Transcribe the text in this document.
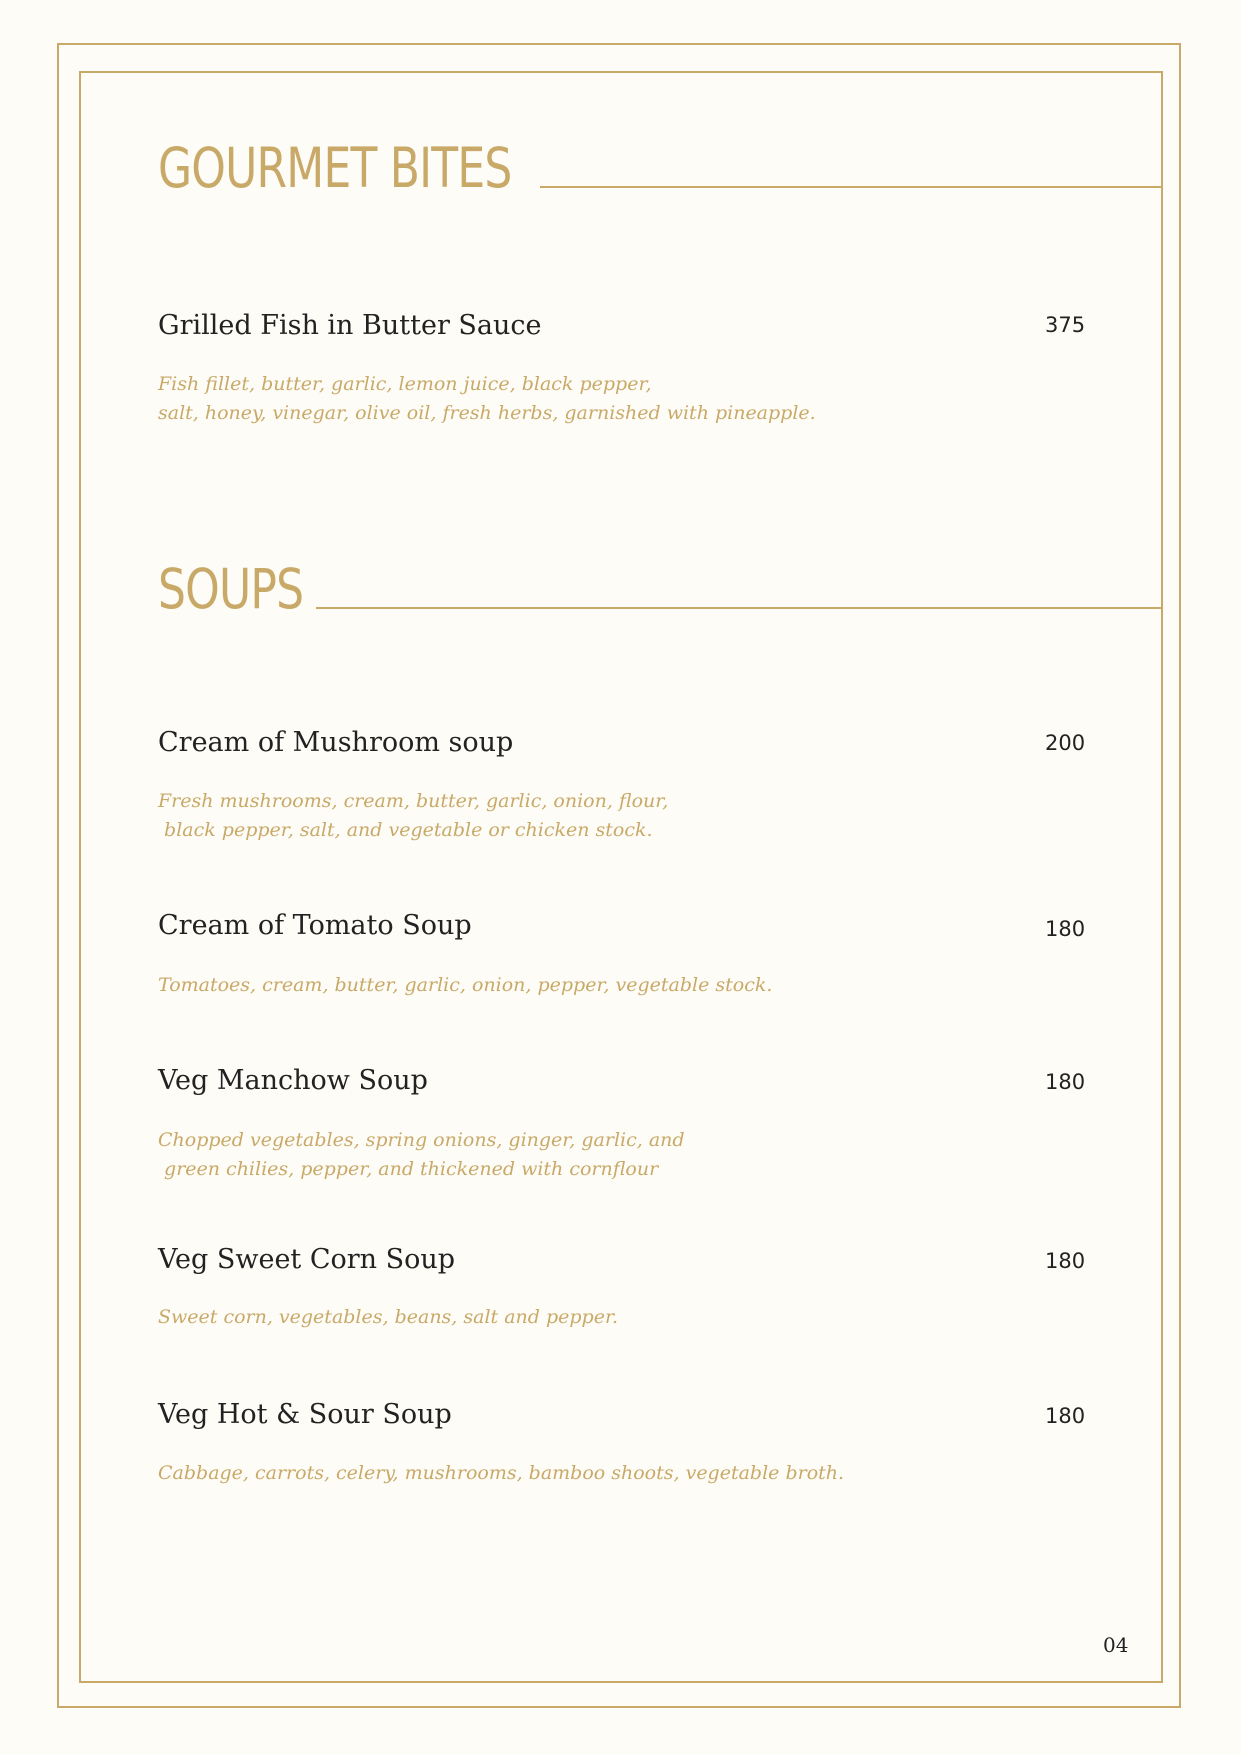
GOURMET BITES
Grilled Fish in Butter Sauce	375
Fish fillet, butter, garlic, lemon juice, black pepper,
salt, honey, vinegar, olive oil, fresh herbs, garnished with pineapple.
SOUPS
Cream of Mushroom soup	200
Fresh mushrooms, cream, butter, garlic, onion, flour,
black pepper, salt, and vegetable or chicken stock.
Cream of Tomato Soup	180
Tomatoes, cream, butter, garlic, onion, pepper, vegetable stock.
Veg Manchow Soup	180
Chopped vegetables, spring onions, ginger, garlic, and
green chilies, pepper, and thickened with cornflour
Veg Sweet Corn Soup	180
Sweet corn, vegetables, beans, salt and pepper.
Veg Hot & Sour Soup	180
Cabbage, carrots, celery, mushrooms, bamboo shoots, vegetable broth.
04
